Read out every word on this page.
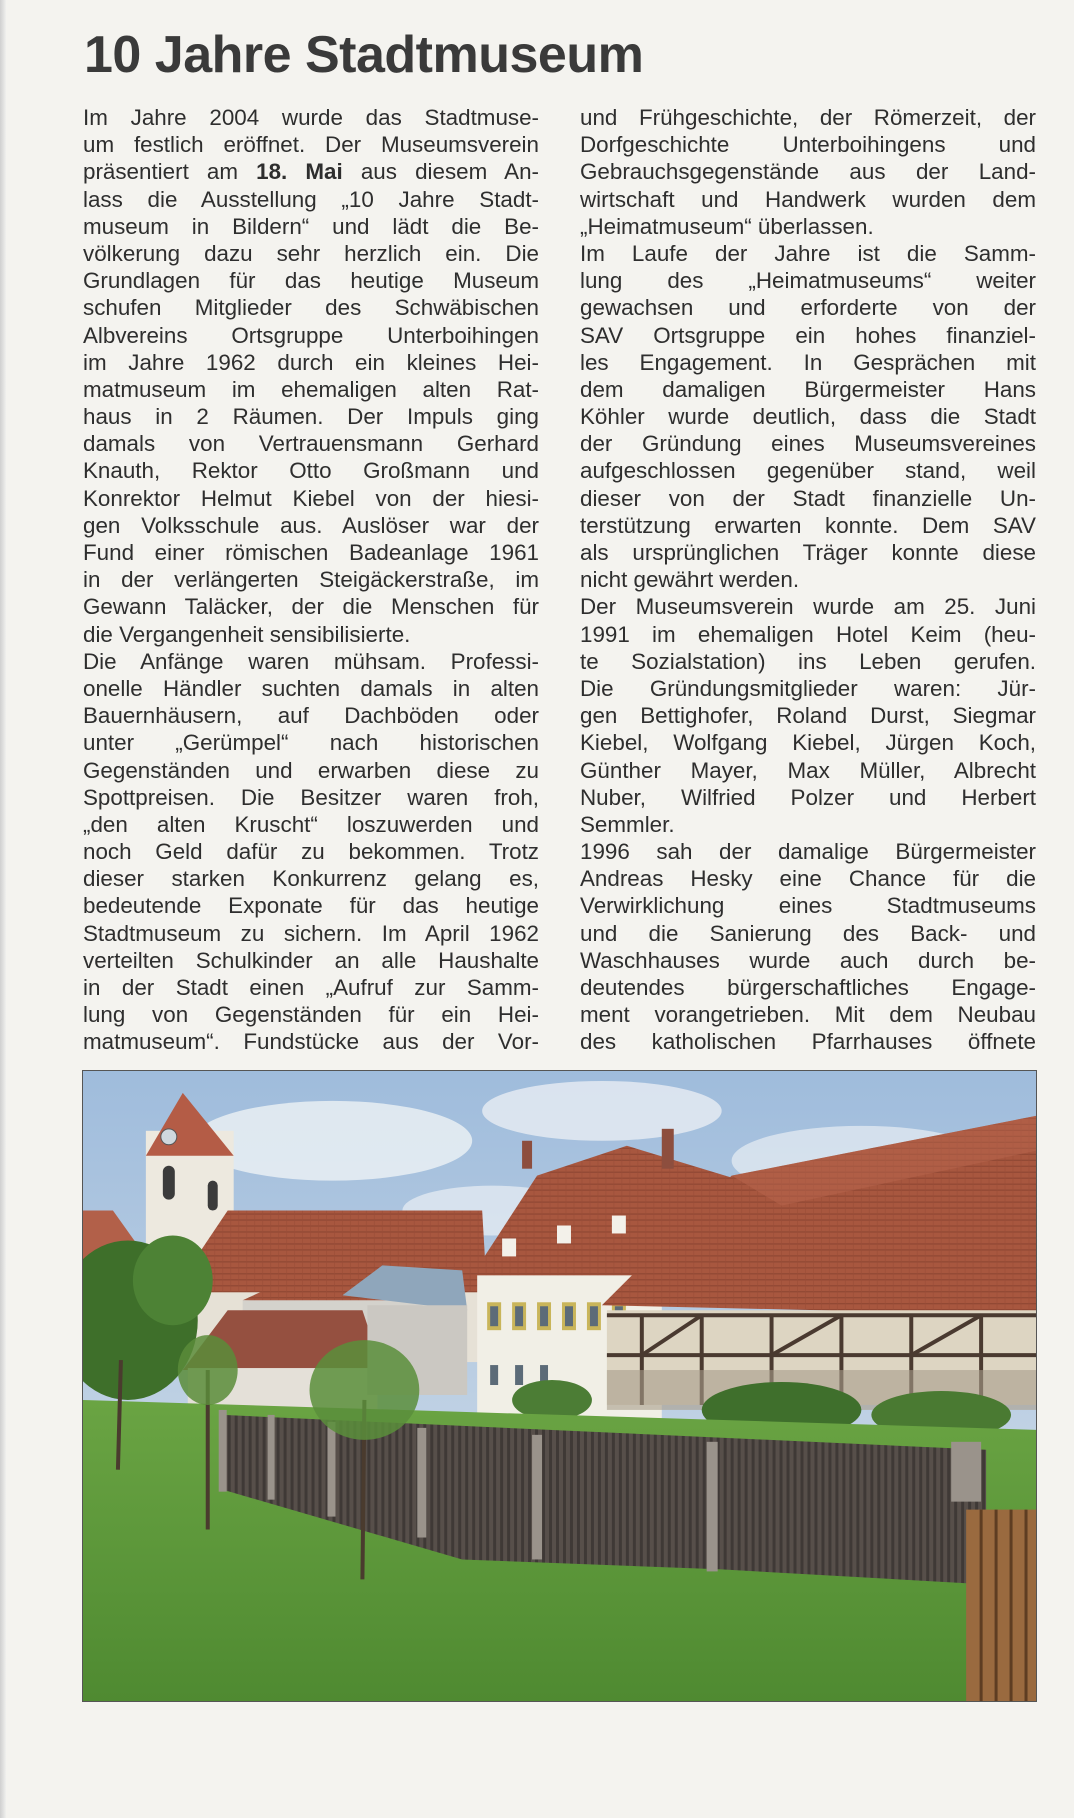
10 Jahre Stadtmuseum
Im Jahre 2004 wurde das Stadtmuse-
um festlich eröffnet. Der Museumsverein
präsentiert am 18. Mai aus diesem An-
lass die Ausstellung „10 Jahre Stadt-
museum in Bildern“ und lädt die Be-
völkerung dazu sehr herzlich ein. Die
Grundlagen für das heutige Museum
schufen Mitglieder des Schwäbischen
Albvereins Ortsgruppe Unterboihingen
im Jahre 1962 durch ein kleines Hei-
matmuseum im ehemaligen alten Rat-
haus in 2 Räumen. Der Impuls ging
damals von Vertrauensmann Gerhard
Knauth, Rektor Otto Großmann und
Konrektor Helmut Kiebel von der hiesi-
gen Volksschule aus. Auslöser war der
Fund einer römischen Badeanlage 1961
in der verlängerten Steigäckerstraße, im
Gewann Taläcker, der die Menschen für
die Vergangenheit sensibilisierte.
Die Anfänge waren mühsam. Professi-
onelle Händler suchten damals in alten
Bauernhäusern, auf Dachböden oder
unter „Gerümpel“ nach historischen
Gegenständen und erwarben diese zu
Spottpreisen. Die Besitzer waren froh,
„den alten Kruscht“ loszuwerden und
noch Geld dafür zu bekommen. Trotz
dieser starken Konkurrenz gelang es,
bedeutende Exponate für das heutige
Stadtmuseum zu sichern. Im April 1962
verteilten Schulkinder an alle Haushalte
in der Stadt einen „Aufruf zur Samm-
lung von Gegenständen für ein Hei-
matmuseum“. Fundstücke aus der Vor-
und Frühgeschichte, der Römerzeit, der
Dorfgeschichte Unterboihingens und
Gebrauchsgegenstände aus der Land-
wirtschaft und Handwerk wurden dem
„Heimatmuseum“ überlassen.
Im Laufe der Jahre ist die Samm-
lung des „Heimatmuseums“ weiter
gewachsen und erforderte von der
SAV Ortsgruppe ein hohes finanziel-
les Engagement. In Gesprächen mit
dem damaligen Bürgermeister Hans
Köhler wurde deutlich, dass die Stadt
der Gründung eines Museumsvereines
aufgeschlossen gegenüber stand, weil
dieser von der Stadt finanzielle Un-
terstützung erwarten konnte. Dem SAV
als ursprünglichen Träger konnte diese
nicht gewährt werden.
Der Museumsverein wurde am 25. Juni
1991 im ehemaligen Hotel Keim (heu-
te Sozialstation) ins Leben gerufen.
Die Gründungsmitglieder waren: Jür-
gen Bettighofer, Roland Durst, Siegmar
Kiebel, Wolfgang Kiebel, Jürgen Koch,
Günther Mayer, Max Müller, Albrecht
Nuber, Wilfried Polzer und Herbert
Semmler.
1996 sah der damalige Bürgermeister
Andreas Hesky eine Chance für die
Verwirklichung eines Stadtmuseums
und die Sanierung des Back- und
Waschhauses wurde auch durch be-
deutendes bürgerschaftliches Engage-
ment vorangetrieben. Mit dem Neubau
des katholischen Pfarrhauses öffnete
